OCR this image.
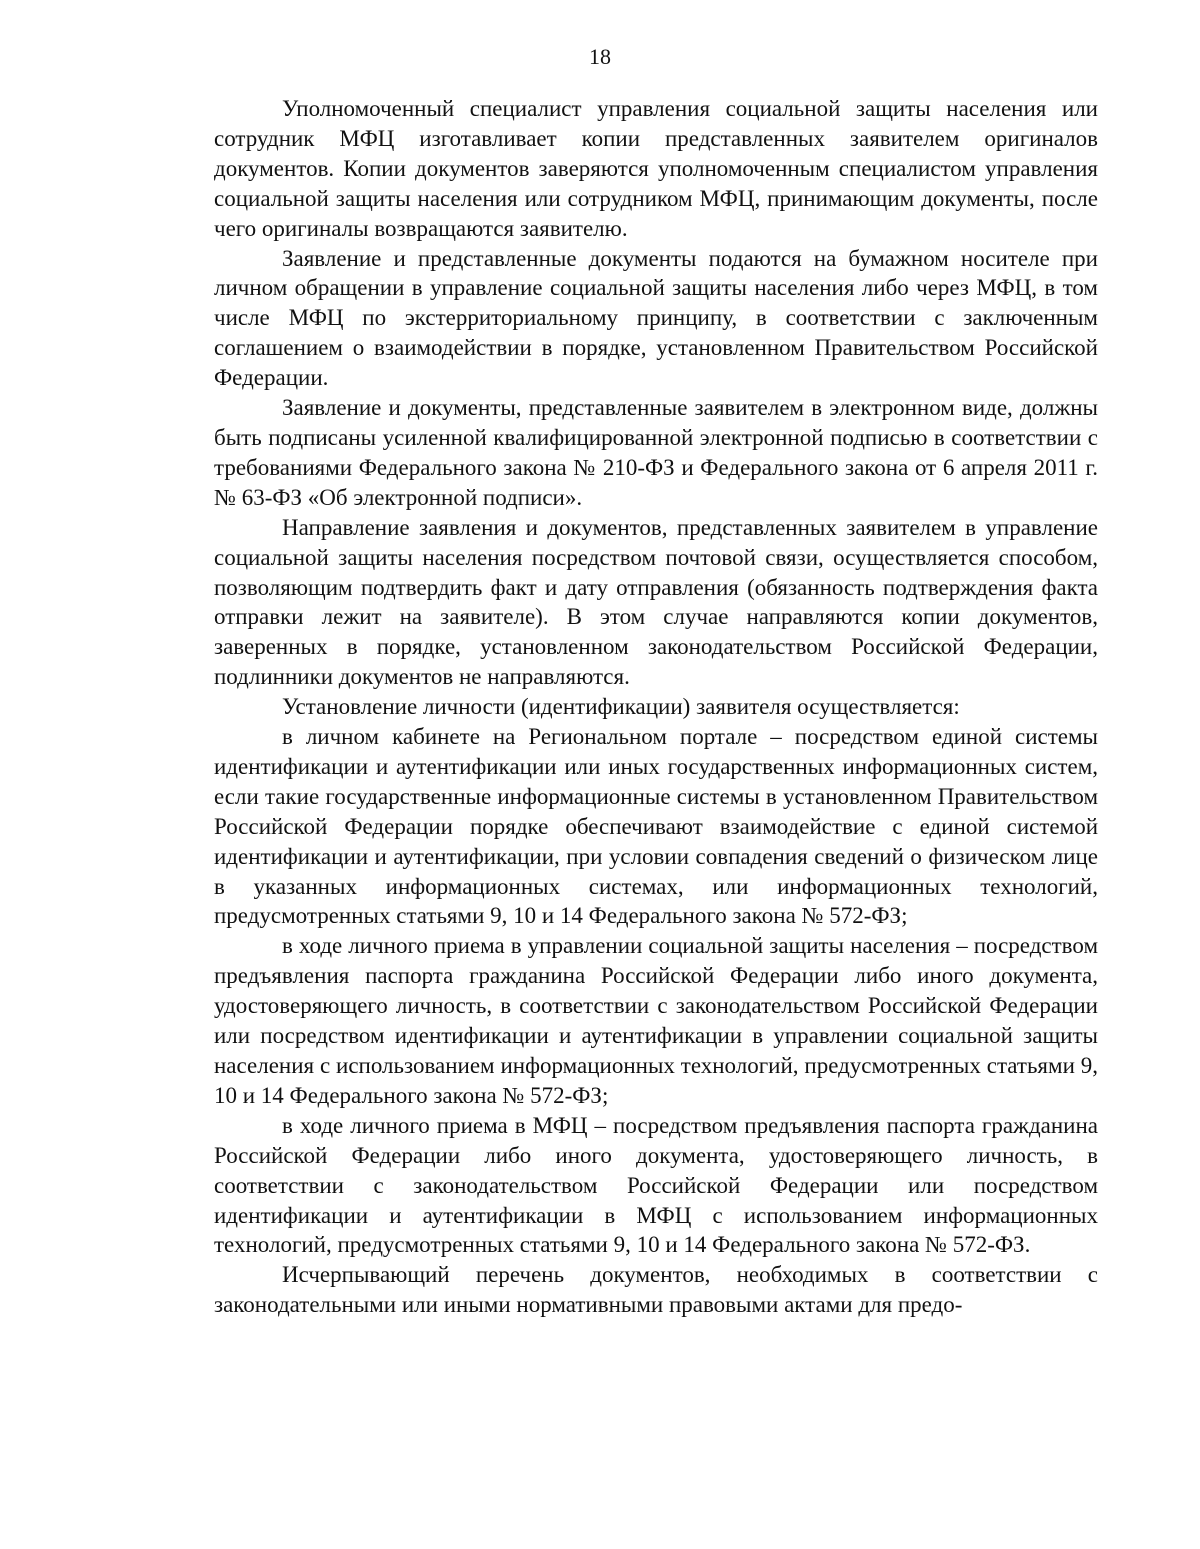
18

Уполномоченный специалист управления социальной защиты населения или сотрудник МФЦ изготавливает копии представленных заявителем оригиналов документов. Копии документов заверяются уполномоченным специалистом управления социальной защиты населения или сотрудником МФЦ, принимающим документы, после чего оригиналы возвращаются заявителю.

Заявление и представленные документы подаются на бумажном носителе при личном обращении в управление социальной защиты населения либо через МФЦ, в том числе МФЦ по экстерриториальному принципу, в соответствии с заключенным соглашением о взаимодействии в порядке, установленном Правительством Российской Федерации.

Заявление и документы, представленные заявителем в электронном виде, должны быть подписаны усиленной квалифицированной электронной подписью в соответствии с требованиями Федерального закона № 210-ФЗ и Федерального закона от 6 апреля 2011 г. № 63-ФЗ «Об электронной подписи».

Направление заявления и документов, представленных заявителем в управление социальной защиты населения посредством почтовой связи, осуществляется способом, позволяющим подтвердить факт и дату отправления (обязанность подтверждения факта отправки лежит на заявителе). В этом случае направляются копии документов, заверенных в порядке, установленном законодательством Российской Федерации, подлинники документов не направляются.

Установление личности (идентификации) заявителя осуществляется:

в личном кабинете на Региональном портале – посредством единой системы идентификации и аутентификации или иных государственных информационных систем, если такие государственные информационные системы в установленном Правительством Российской Федерации порядке обеспечивают взаимодействие с единой системой идентификации и аутентификации, при условии совпадения сведений о физическом лице в указанных информационных системах, или информационных технологий, предусмотренных статьями 9, 10 и 14 Федерального закона № 572-ФЗ;

в ходе личного приема в управлении социальной защиты населения – посредством предъявления паспорта гражданина Российской Федерации либо иного документа, удостоверяющего личность, в соответствии с законодательством Российской Федерации или посредством идентификации и аутентификации в управлении социальной защиты населения с использованием информационных технологий, предусмотренных статьями 9, 10 и 14 Федерального закона № 572-ФЗ;

в ходе личного приема в МФЦ – посредством предъявления паспорта гражданина Российской Федерации либо иного документа, удостоверяющего личность, в соответствии с законодательством Российской Федерации или посредством идентификации и аутентификации в МФЦ с использованием информационных технологий, предусмотренных статьями 9, 10 и 14 Федерального закона № 572-ФЗ.

Исчерпывающий перечень документов, необходимых в соответствии с законодательными или иными нормативными правовыми актами для предо-
